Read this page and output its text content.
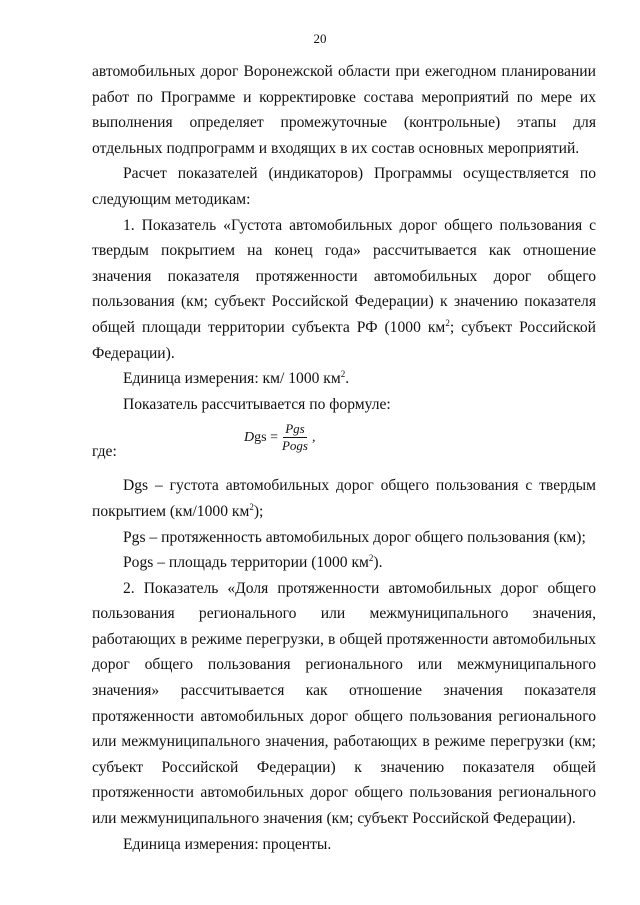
20

автомобильных дорог Воронежской области при ежегодном планировании работ по Программе и корректировке состава мероприятий по мере их выполнения определяет промежуточные (контрольные) этапы для отдельных подпрограмм и входящих в их состав основных мероприятий.

Расчет показателей (индикаторов) Программы осуществляется по следующим методикам:

1. Показатель «Густота автомобильных дорог общего пользования с твердым покрытием на конец года» рассчитывается как отношение значения показателя протяженности автомобильных дорог общего пользования (км; субъект Российской Федерации) к значению показателя общей площади территории субъекта РФ (1000 $км^2$; субъект Российской Федерации).

Единица измерения: км/ 1000 $км^2$.

Показатель рассчитывается по формуле:

где:
D gs = $\frac{\text{Pgs}}{\text{Pogs}}$ ,

Dgs – густота автомобильных дорог общего пользования с твердым покрытием (км/1000 $км^2$);

Pgs – протяженность автомобильных дорог общего пользования (км);

Pogs – площадь территории (1000 $км^2$).

2. Показатель «Доля протяженности автомобильных дорог общего пользования регионального или межмуниципального значения, работающих в режиме перегрузки, в общей протяженности автомобильных дорог общего пользования регионального или межмуниципального значения» рассчитывается как отношение значения показателя протяженности автомобильных дорог общего пользования регионального или межмуниципального значения, работающих в режиме перегрузки (км; субъект Российской Федерации) к значению показателя общей протяженности автомобильных дорог общего пользования регионального или межмуниципального значения (км; субъект Российской Федерации).

Единица измерения: проценты.
